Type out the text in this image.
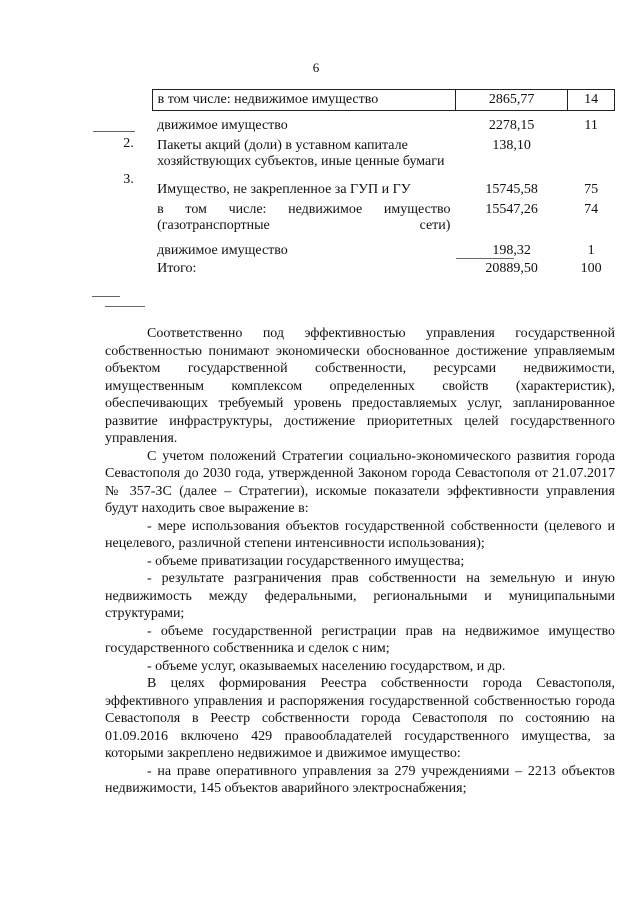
6
	в том числе: недвижимое имущество	2865,77	14
	движимое имущество	2278,15	11
2.	Пакеты акций (доли) в уставном капитале хозяйствующих субъектов, иные ценные бумаги	138,10	
3.	Имущество, не закрепленное за ГУП и ГУ	15745,58	75
	в том числе: недвижимое имущество (газотранспортные сети)	15547,26	74
	движимое имущество	198,32	1
	Итого:	20889,50	100

Соответственно под эффективностью управления государственной собственностью понимают экономически обоснованное достижение управляемым объектом государственной собственности, ресурсами недвижимости, имущественным комплексом определенных свойств (характеристик), обеспечивающих требуемый уровень предоставляемых услуг, запланированное развитие инфраструктуры, достижение приоритетных целей государственного управления.

С учетом положений Стратегии социально-экономического развития города Севастополя до 2030 года, утвержденной Законом города Севастополя от 21.07.2017 № 357-ЗС (далее – Стратегии), искомые показатели эффективности управления будут находить свое выражение в:

- мере использования объектов государственной собственности (целевого и нецелевого, различной степени интенсивности использования);

- объеме приватизации государственного имущества;

- результате разграничения прав собственности на земельную и иную недвижимость между федеральными, региональными и муниципальными структурами;

- объеме государственной регистрации прав на недвижимое имущество государственного собственника и сделок с ним;

- объеме услуг, оказываемых населению государством, и др.

В целях формирования Реестра собственности города Севастополя, эффективного управления и распоряжения государственной собственностью города Севастополя в Реестр собственности города Севастополя по состоянию на 01.09.2016 включено 429 правообладателей государственного имущества, за которыми закреплено недвижимое и движимое имущество:

- на праве оперативного управления за 279 учреждениями – 2213 объектов недвижимости, 145 объектов аварийного электроснабжения;
